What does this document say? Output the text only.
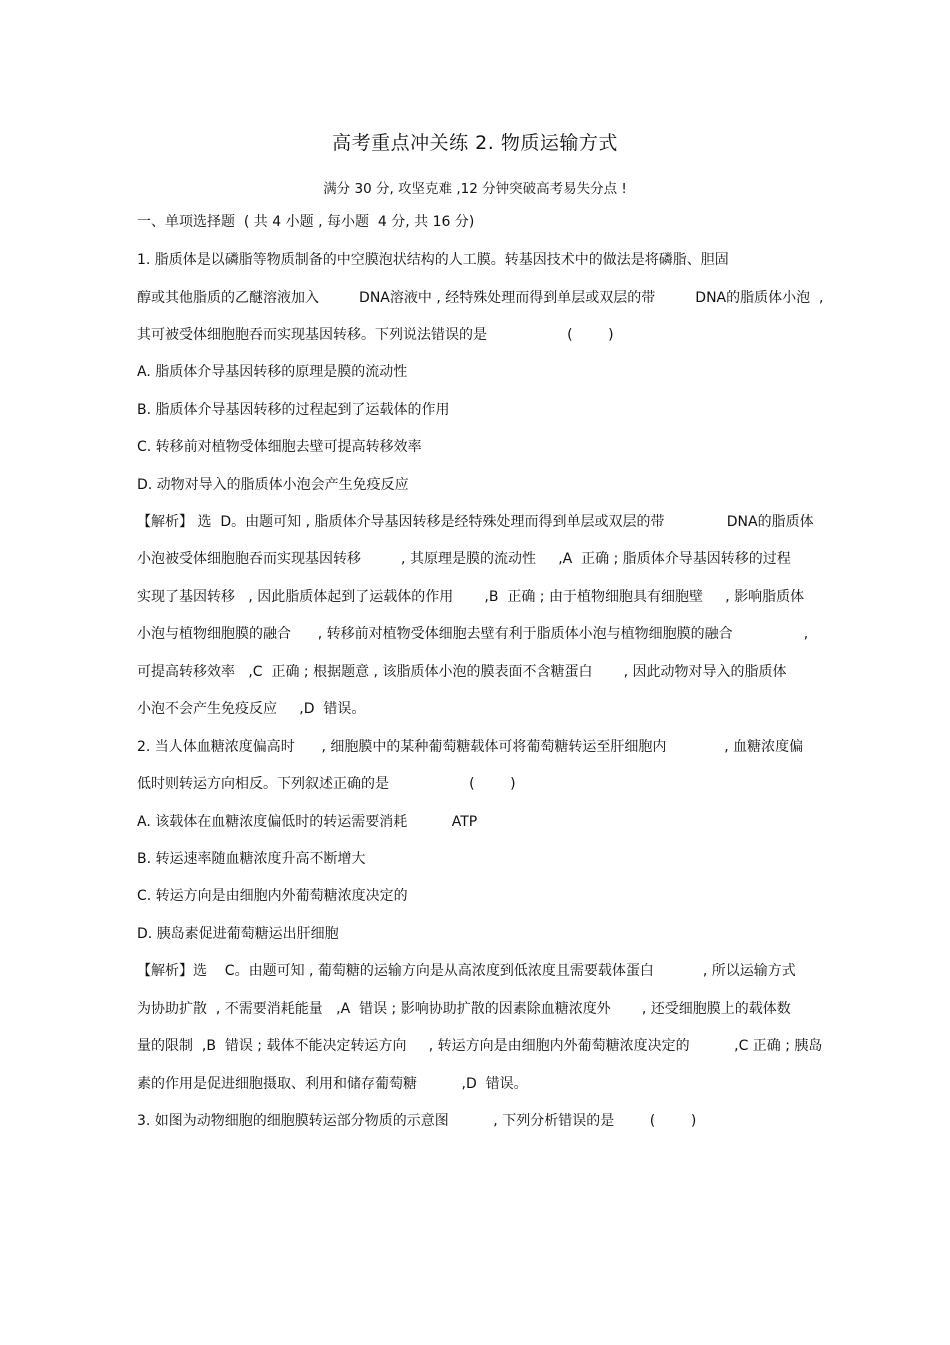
高考重点冲关练 2. 物质运输方式
满分 30 分, 攻坚克难 ,12 分钟突破高考易失分点 !
一、单项选择题  ( 共 4 小题 , 每小题  4 分, 共 16 分)
1. 脂质体是以磷脂等物质制备的中空膜泡状结构的人工膜。转基因技术中的做法是将磷脂、胆固
醇或其他脂质的乙醚溶液加入         DNA溶液中 , 经特殊处理而得到单层或双层的带         DNA的脂质体小泡  ,
其可被受体细胞胞吞而实现基因转移。下列说法错误的是                  (        )
A. 脂质体介导基因转移的原理是膜的流动性
B. 脂质体介导基因转移的过程起到了运载体的作用
C. 转移前对植物受体细胞去壁可提高转移效率
D. 动物对导入的脂质体小泡会产生免疫反应
【解析】 选  D。由题可知 , 脂质体介导基因转移是经特殊处理而得到单层或双层的带              DNA的脂质体
小泡被受体细胞胞吞而实现基因转移         , 其原理是膜的流动性     ,A  正确 ; 脂质体介导基因转移的过程
实现了基因转移   , 因此脂质体起到了运载体的作用       ,B  正确 ; 由于植物细胞具有细胞壁     , 影响脂质体
小泡与植物细胞膜的融合      , 转移前对植物受体细胞去壁有利于脂质体小泡与植物细胞膜的融合                ,
可提高转移效率   ,C  正确 ; 根据题意 , 该脂质体小泡的膜表面不含糖蛋白       , 因此动物对导入的脂质体
小泡不会产生免疫反应     ,D  错误。
2. 当人体血糖浓度偏高时      , 细胞膜中的某种葡萄糖载体可将葡萄糖转运至肝细胞内             , 血糖浓度偏
低时则转运方向相反。下列叙述正确的是                  (        )
A. 该载体在血糖浓度偏低时的转运需要消耗          ATP
B. 转运速率随血糖浓度升高不断增大
C. 转运方向是由细胞内外葡萄糖浓度决定的
D. 胰岛素促进葡萄糖运出肝细胞
【解析】选    C。由题可知 , 葡萄糖的运输方向是从高浓度到低浓度且需要载体蛋白           , 所以运输方式
为协助扩散  , 不需要消耗能量   ,A  错误 ; 影响协助扩散的因素除血糖浓度外       , 还受细胞膜上的载体数
量的限制  ,B  错误 ; 载体不能决定转运方向     , 转运方向是由细胞内外葡萄糖浓度决定的          ,C 正确 ; 胰岛
素的作用是促进细胞摄取、利用和储存葡萄糖          ,D  错误。
3. 如图为动物细胞的细胞膜转运部分物质的示意图          , 下列分析错误的是        (        )
